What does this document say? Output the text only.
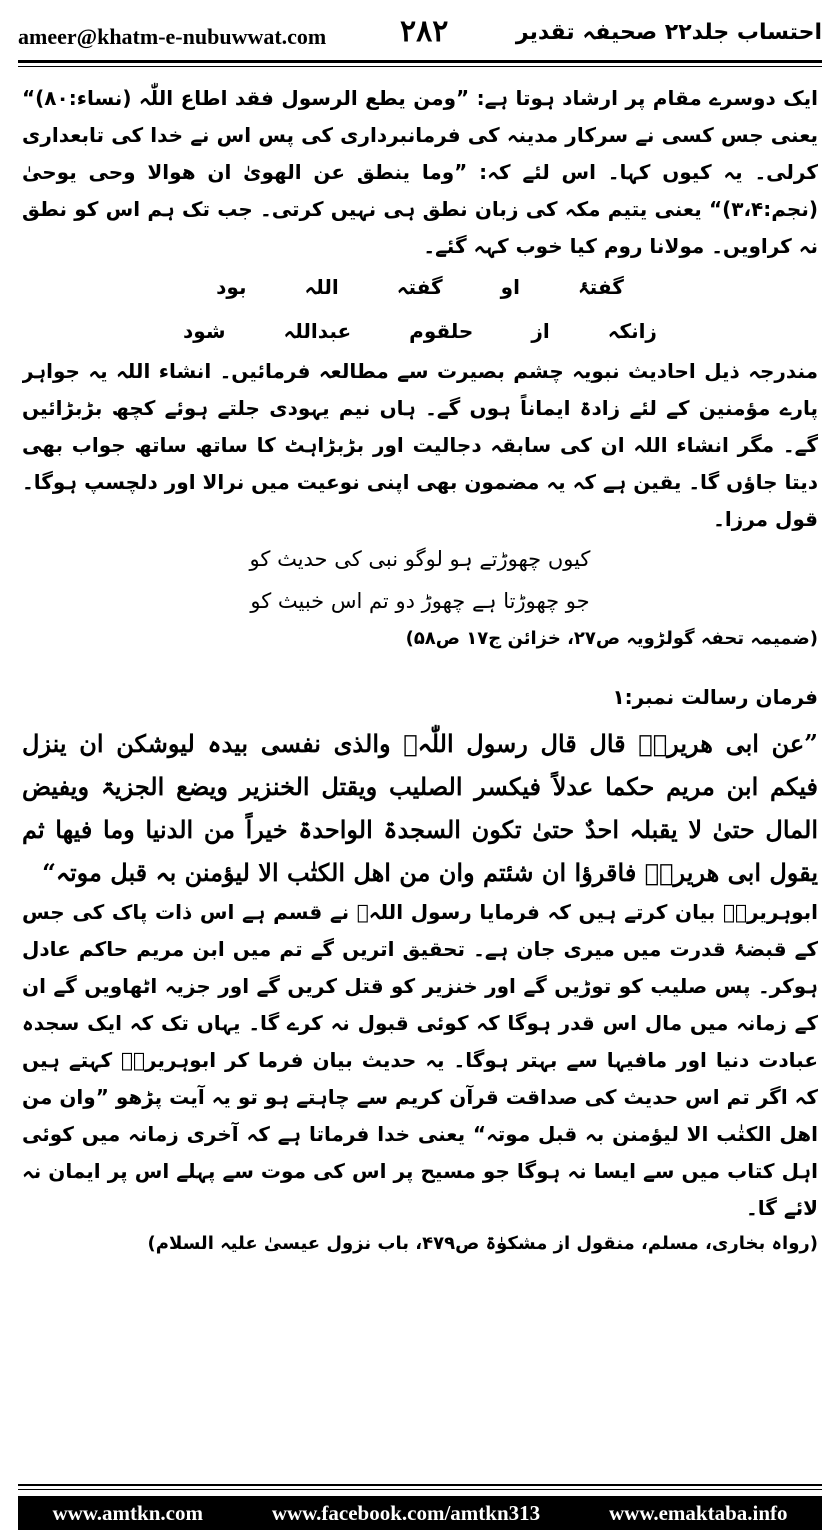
ameer@khatm-e-nubuwwat.com ۲۸۲	احتساب جلد۲۲ صحیفہ تقدیر

ایک دوسرے مقام پر ارشاد ہوتا ہے: ”ومن یطع الرسول فقد اطاع اللّٰہ (نساء:۸۰)“ یعنی جس کسی نے سرکار مدینہ کی فرمانبرداری کی پس اس نے خدا کی تابعداری کرلی۔ یہ کیوں کہا۔ اس لئے کہ: ”وما ینطق عن الھویٰ ان ھوالا وحی یوحیٰ (نجم:۳،۴)“ یعنی یتیم مکہ کی زبان نطق ہی نہیں کرتی۔ جب تک ہم اس کو نطق نہ کراویں۔ مولانا روم کیا خوب کہہ گئے۔

گفتۂ
او
گفتہ
اللہ
بود
زانکہ
از
حلقوم
عبداللہ
شود

مندرجہ ذیل احادیث نبویہ چشم بصیرت سے مطالعہ فرمائیں۔ انشاء اللہ یہ جواہر پارے مؤمنین کے لئے زادۃ ایماناً ہوں گے۔ ہاں نیم یہودی جلتے ہوئے کچھ بڑبڑائیں گے۔ مگر انشاء اللہ ان کی سابقہ دجالیت اور بڑبڑاہٹ کا ساتھ ساتھ جواب بھی دیتا جاؤں گا۔ یقین ہے کہ یہ مضمون بھی اپنی نوعیت میں نرالا اور دلچسپ ہوگا۔ قول مرزا۔

کیوں چھوڑتے ہو لوگو نبی کی حدیث کو
جو چھوڑتا ہے چھوڑ دو تم اس خبیث کو
(ضمیمہ تحفہ گولڑویہ ص۲۷، خزائن ج۱۷ ص۵۸)
فرمان رسالت نمبر:۱

”عن ابی ھریرۃؓ قال قال رسول اللّٰہﷺ والذی نفسی بیدہ لیوشکن ان ینزل فیکم ابن مریم حکما عدلاً فیکسر الصلیب ویقتل الخنزیر ویضع الجزیۃ ویفیض المال حتیٰ لا یقبلہ احدٌ حتیٰ تکون السجدۃ الواحدۃ خیراً من الدنیا وما فیھا ثم یقول ابی ھریرۃؓ فاقرؤا ان شئتم وان من اھل الکتٰب الا لیؤمنن بہ قبل موتہ“

ابوہریرہؓ بیان کرتے ہیں کہ فرمایا رسول اللہﷺ نے قسم ہے اس ذات پاک کی جس کے قبضۂ قدرت میں میری جان ہے۔ تحقیق اتریں گے تم میں ابن مریم حاکم عادل ہوکر۔ پس صلیب کو توڑیں گے اور خنزیر کو قتل کریں گے اور جزیہ اٹھاویں گے ان کے زمانہ میں مال اس قدر ہوگا کہ کوئی قبول نہ کرے گا۔ یہاں تک کہ ایک سجدہ عبادت دنیا اور مافیہا سے بہتر ہوگا۔ یہ حدیث بیان فرما کر ابوہریرہؓ کہتے ہیں کہ اگر تم اس حدیث کی صداقت قرآن کریم سے چاہتے ہو تو یہ آیت پڑھو ”وان من اھل الکتٰب الا لیؤمنن بہ قبل موتہ“ یعنی خدا فرماتا ہے کہ آخری زمانہ میں کوئی اہل کتاب میں سے ایسا نہ ہوگا جو مسیح پر اس کی موت سے پہلے اس پر ایمان نہ لائے گا۔

(رواہ بخاری، مسلم، منقول از مشکوٰۃ ص۴۷۹، باب نزول عیسیٰ علیہ السلام)
www.amtkn.com	www.facebook.com/amtkn313	www.emaktaba.info
